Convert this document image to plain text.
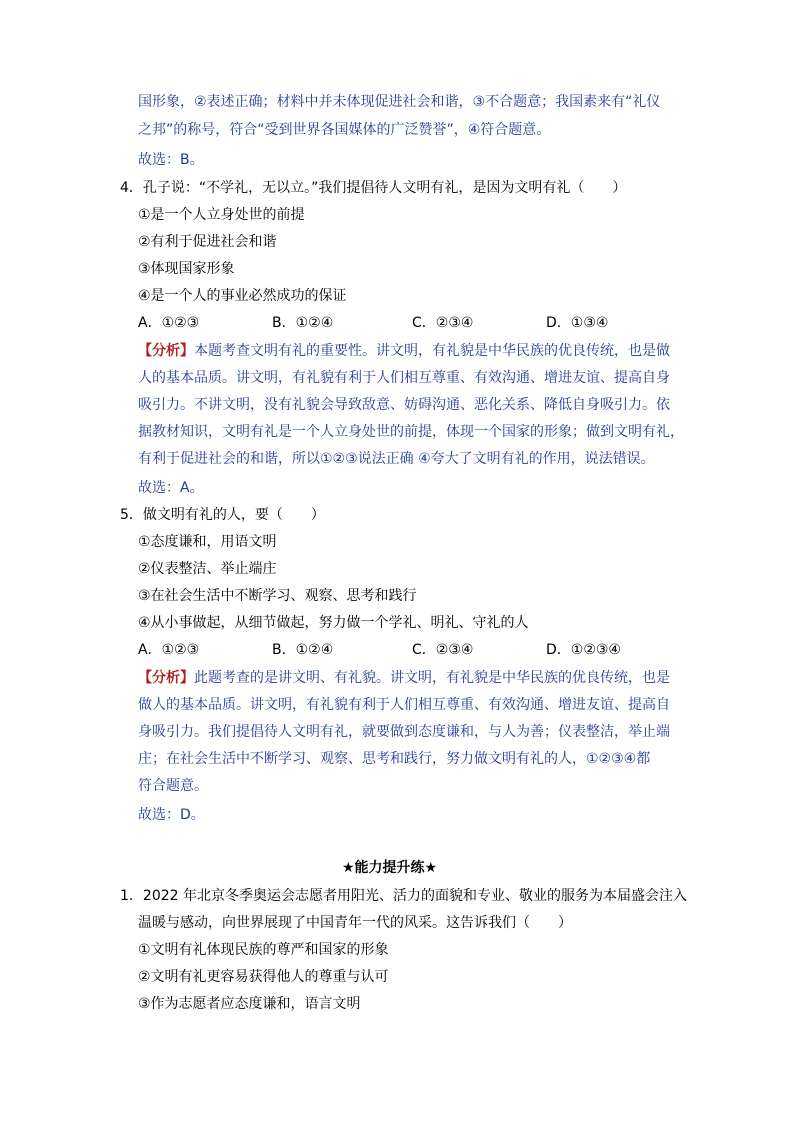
国形象，②表述正确；材料中并未体现促进社会和谐，③不合题意；我国素来有“礼仪
之邦”的称号，符合“受到世界各国媒体的广泛赞誉”，④符合题意。
故选：B。
4．孔子说：“不学礼，无以立。”我们提倡待人文明有礼，是因为文明有礼（　　）
①是一个人立身处世的前提
②有利于促进社会和谐
③体现国家形象
④是一个人的事业必然成功的保证
A．①②③	B．①②④	C．②③④	D．①③④
【分析】本题考查文明有礼的重要性。讲文明，有礼貌是中华民族的优良传统，也是做
人的基本品质。讲文明，有礼貌有利于人们相互尊重、有效沟通、增进友谊、提高自身
吸引力。不讲文明，没有礼貌会导致敌意、妨碍沟通、恶化关系、降低自身吸引力。依
据教材知识，文明有礼是一个人立身处世的前提，体现一个国家的形象；做到文明有礼，
有利于促进社会的和谐，所以①②③说法正确 ④夸大了文明有礼的作用，说法错误。
故选：A。
5．做文明有礼的人，要（　　）
①态度谦和，用语文明
②仪表整洁、举止端庄
③在社会生活中不断学习、观察、思考和践行
④从小事做起，从细节做起，努力做一个学礼、明礼、守礼的人
A．①②③	B．①②④	C．②③④	D．①②③④
【分析】此题考查的是讲文明、有礼貌。讲文明，有礼貌是中华民族的优良传统，也是
做人的基本品质。讲文明，有礼貌有利于人们相互尊重、有效沟通、增进友谊、提高自
身吸引力。我们提倡待人文明有礼，就要做到态度谦和，与人为善；仪表整洁，举止端
庄；在社会生活中不断学习、观察、思考和践行，努力做文明有礼的人，①②③④都
符合题意。
故选：D。
★能力提升练★
1．2022 年北京冬季奥运会志愿者用阳光、活力的面貌和专业、敬业的服务为本届盛会注入
温暖与感动，向世界展现了中国青年一代的风采。这告诉我们（　　）
①文明有礼体现民族的尊严和国家的形象
②文明有礼更容易获得他人的尊重与认可
③作为志愿者应态度谦和，语言文明
